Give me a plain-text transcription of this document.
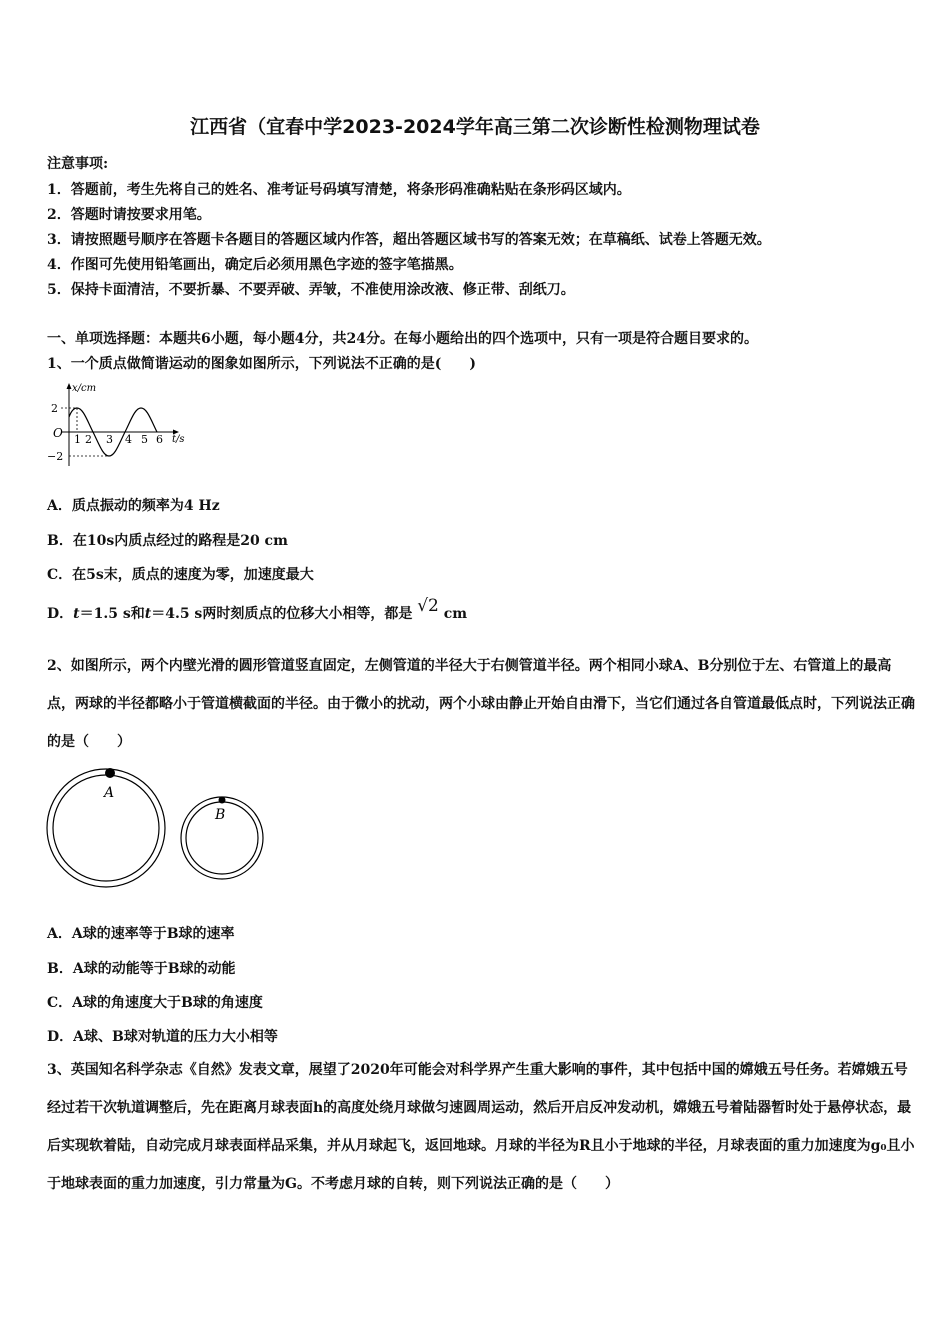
江西省（宜春中学2023-2024学年高三第二次诊断性检测物理试卷
注意事项:
1．答题前，考生先将自己的姓名、准考证号码填写清楚，将条形码准确粘贴在条形码区域内。
2．答题时请按要求用笔。
3．请按照题号顺序在答题卡各题目的答题区域内作答，超出答题区域书写的答案无效；在草稿纸、试卷上答题无效。
4．作图可先使用铅笔画出，确定后必须用黑色字迹的签字笔描黑。
5．保持卡面清洁，不要折暴、不要弄破、弄皱，不准使用涂改液、修正带、刮纸刀。
一、单项选择题：本题共6小题，每小题4分，共24分。在每小题给出的四个选项中，只有一项是符合题目要求的。
1、一个质点做简谐运动的图象如图所示，下列说法不正确的是(　　)
x/cm
2
−2
O 1 2 3 4 5 6 t/s
A．质点振动的频率为4 Hz
B．在10s内质点经过的路程是20 cm
C．在5s末，质点的速度为零，加速度最大
D．t＝1.5 s和t＝4.5 s两时刻质点的位移大小相等，都是 √2 cm
2、如图所示，两个内壁光滑的圆形管道竖直固定，左侧管道的半径大于右侧管道半径。两个相同小球A、B分别位于左、右管道上的最高点，两球的半径都略小于管道横截面的半径。由于微小的扰动，两个小球由静止开始自由滑下，当它们通过各自管道最低点时，下列说法正确的是（　　）
A
B
A．A球的速率等于B球的速率
B．A球的动能等于B球的动能
C．A球的角速度大于B球的角速度
D．A球、B球对轨道的压力大小相等
3、英国知名科学杂志《自然》发表文章，展望了2020年可能会对科学界产生重大影响的事件，其中包括中国的嫦娥五号任务。若嫦娥五号经过若干次轨道调整后，先在距离月球表面h的高度处绕月球做匀速圆周运动，然后开启反冲发动机，嫦娥五号着陆器暂时处于悬停状态，最后实现软着陆，自动完成月球表面样品采集，并从月球起飞，返回地球。月球的半径为R且小于地球的半径，月球表面的重力加速度为g₀且小于地球表面的重力加速度，引力常量为G。不考虑月球的自转，则下列说法正确的是（　　）
